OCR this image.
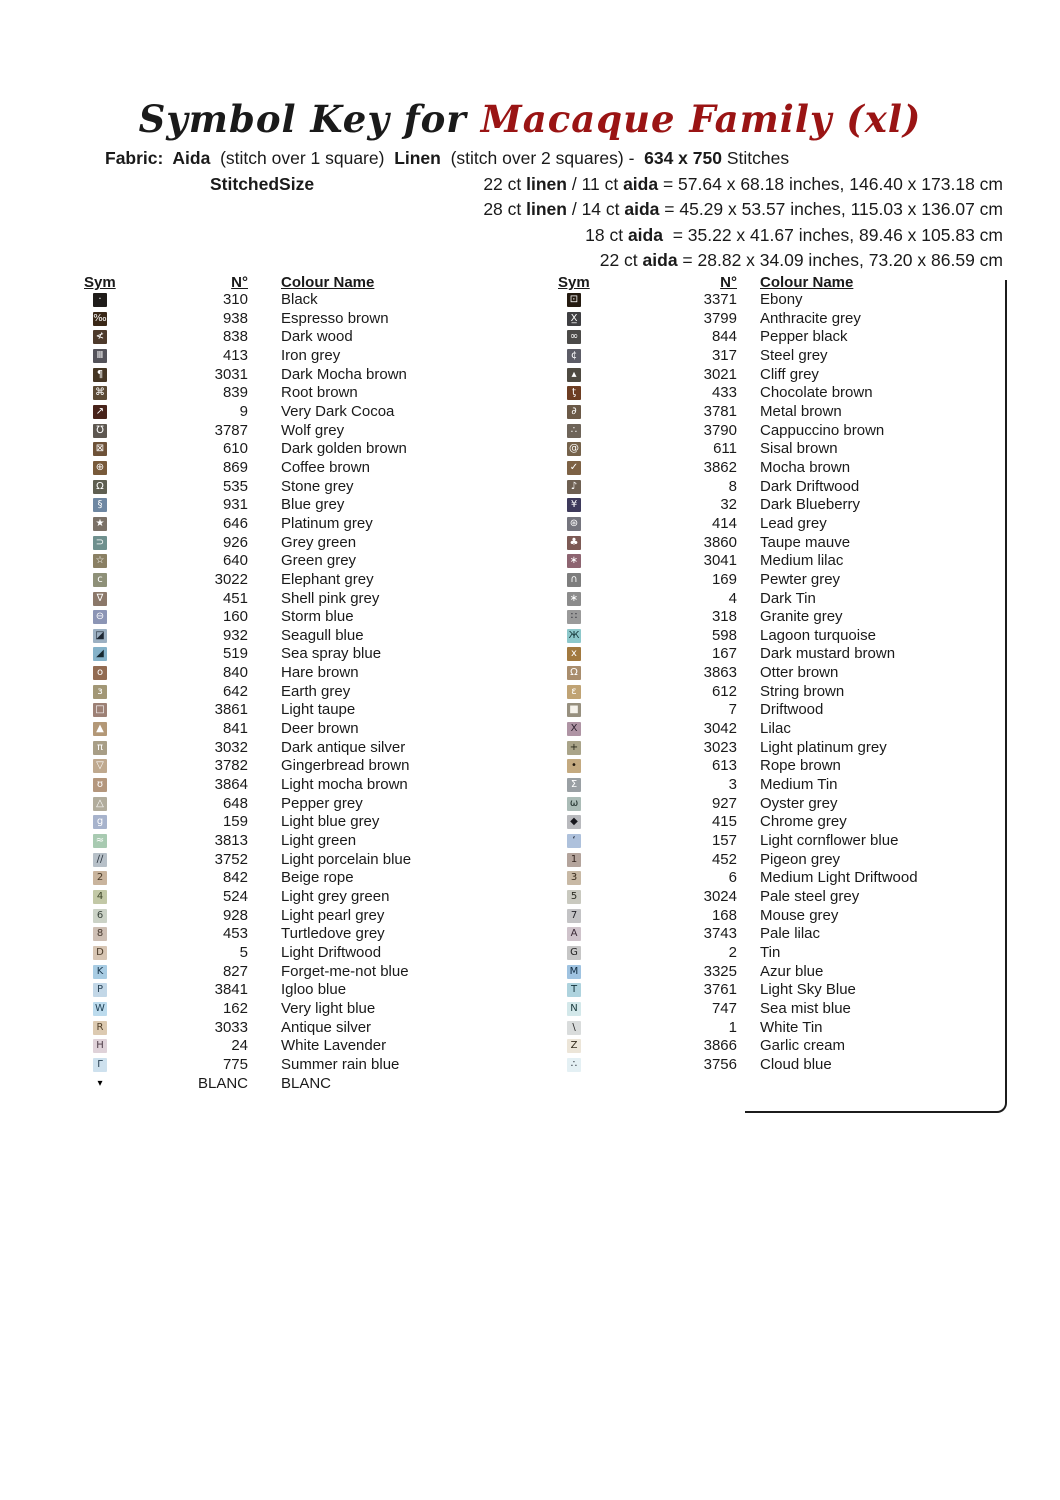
Symbol Key for Macaque Family (xl)
Fabric:  Aida  (stitch over 1 square)  Linen  (stitch over 2 squares) -  634 x 750 Stitches
StitchedSize	22 ct linen / 11 ct aida = 57.64 x 68.18 inches, 146.40 x 173.18 cm
28 ct linen / 14 ct aida = 45.29 x 53.57 inches, 115.03 x 136.07 cm
18 ct aida  = 35.22 x 41.67 inches, 89.46 x 105.83 cm
22 ct aida = 28.82 x 34.09 inches, 73.20 x 86.59 cm
Sym	N° Colour Name	Sym	N° Colour Name
·	310 Black
‰	938 Espresso brown
≮	838 Dark wood
Ⅲ	413 Iron grey
¶	3031 Dark Mocha brown
⌘	839 Root brown
↗	9 Very Dark Cocoa
℧	3787 Wolf grey
⊠	610 Dark golden brown
⊕	869 Coffee brown
Ω	535 Stone grey
§	931 Blue grey
★	646 Platinum grey
⊃	926 Grey green
☆	640 Green grey
c	3022 Elephant grey
∇	451 Shell pink grey
⊖	160 Storm blue
◪	932 Seagull blue
◢	519 Sea spray blue
o	840 Hare brown
ɜ	642 Earth grey
□	3861 Light taupe
▲	841 Deer brown
π	3032 Dark antique silver
▽	3782 Gingerbread brown
ʊ	3864 Light mocha brown
△	648 Pepper grey
g	159 Light blue grey
≈	3813 Light green
∕∕	3752 Light porcelain blue
2	842 Beige rope
4	524 Light grey green
6	928 Light pearl grey
8	453 Turtledove grey
D	5 Light Driftwood
K	827 Forget-me-not blue
P	3841 Igloo blue
W	162 Very light blue
R	3033 Antique silver
H	24 White Lavender
Γ	775 Summer rain blue
▾	BLANC BLANC
⊡	3371 Ebony
X̲	3799 Anthracite grey
∞	844 Pepper black
¢	317 Steel grey
▴	3021 Cliff grey
ƫ	433 Chocolate brown
∂	3781 Metal brown
∴	3790 Cappuccino brown
@	611 Sisal brown
✓	3862 Mocha brown
♪	8 Dark Driftwood
¥	32 Dark Blueberry
⊛	414 Lead grey
♣	3860 Taupe mauve
∗	3041 Medium lilac
∩	169 Pewter grey
∗	4 Dark Tin
∷	318 Granite grey
Ж	598 Lagoon turquoise
x	167 Dark mustard brown
Ω	3863 Otter brown
ε	612 String brown
■	7 Driftwood
X	3042 Lilac
+	3023 Light platinum grey
•	613 Rope brown
Σ	3 Medium Tin
ω	927 Oyster grey
◆	415 Chrome grey
‘	157 Light cornflower blue
1	452 Pigeon grey
3	6 Medium Light Driftwood
5	3024 Pale steel grey
7	168 Mouse grey
A	3743 Pale lilac
G	2 Tin
M	3325 Azur blue
T	3761 Light Sky Blue
N	747 Sea mist blue
\	1 White Tin
Z	3866 Garlic cream
∴	3756 Cloud blue
